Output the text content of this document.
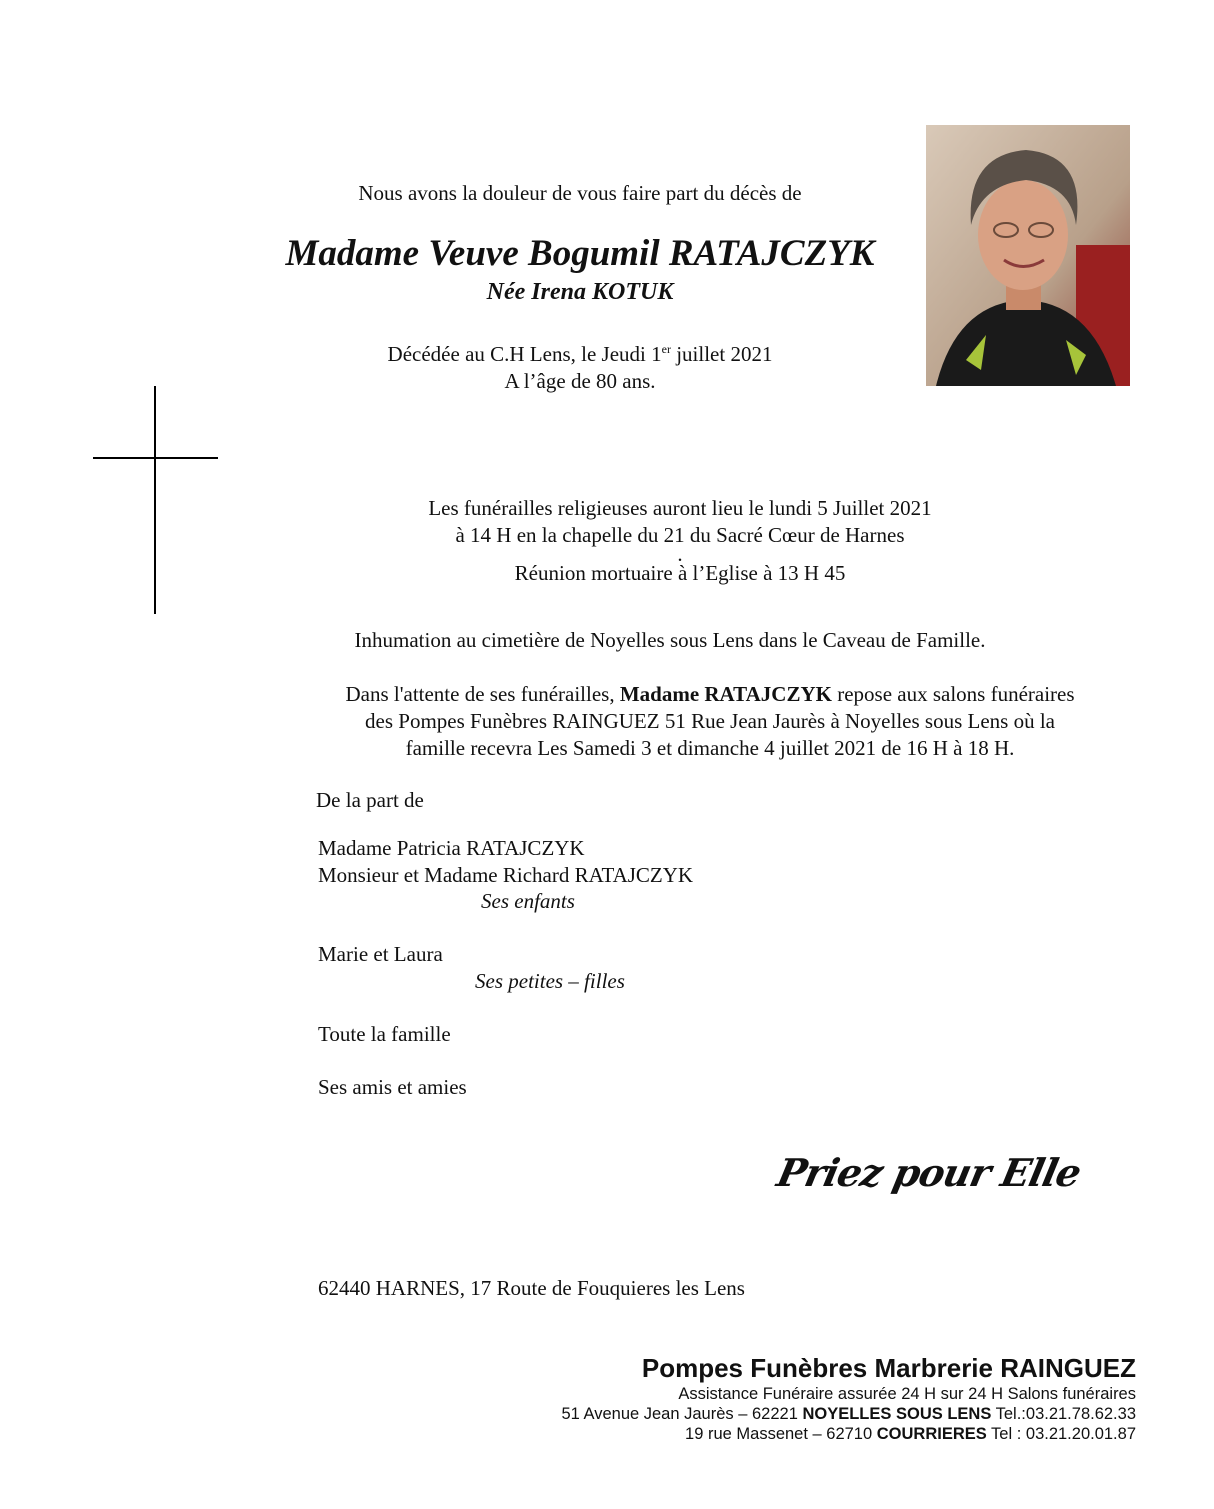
Nous avons la douleur de vous faire part du décès de
Madame Veuve Bogumil RATAJCZYK
Née Irena KOTUK
Décédée au C.H Lens, le Jeudi 1er juillet 2021
A l’âge de 80 ans.
Les funérailles religieuses auront lieu le lundi 5 Juillet 2021
à 14 H en la chapelle du 21 du Sacré Cœur de Harnes
.
Réunion mortuaire à l’Eglise à 13 H 45
Inhumation au cimetière de Noyelles sous Lens dans le Caveau de Famille.
Dans l'attente de ses funérailles, Madame RATAJCZYK repose aux salons funéraires
des Pompes Funèbres RAINGUEZ 51 Rue Jean Jaurès à Noyelles sous Lens où la
famille recevra Les Samedi 3 et dimanche 4 juillet 2021 de 16 H à 18 H.
De la part de
Madame Patricia RATAJCZYK
Monsieur et Madame Richard RATAJCZYK
Ses enfants
Marie et Laura
Ses petites – filles
Toute la famille
Ses amis et amies
Priez pour Elle
62440 HARNES, 17 Route de Fouquieres les Lens
Pompes Funèbres Marbrerie RAINGUEZ
Assistance Funéraire assurée 24 H sur 24 H Salons funéraires
51 Avenue Jean Jaurès – 62221 NOYELLES SOUS LENS Tel.:03.21.78.62.33
19 rue Massenet – 62710 COURRIERES Tel : 03.21.20.01.87
